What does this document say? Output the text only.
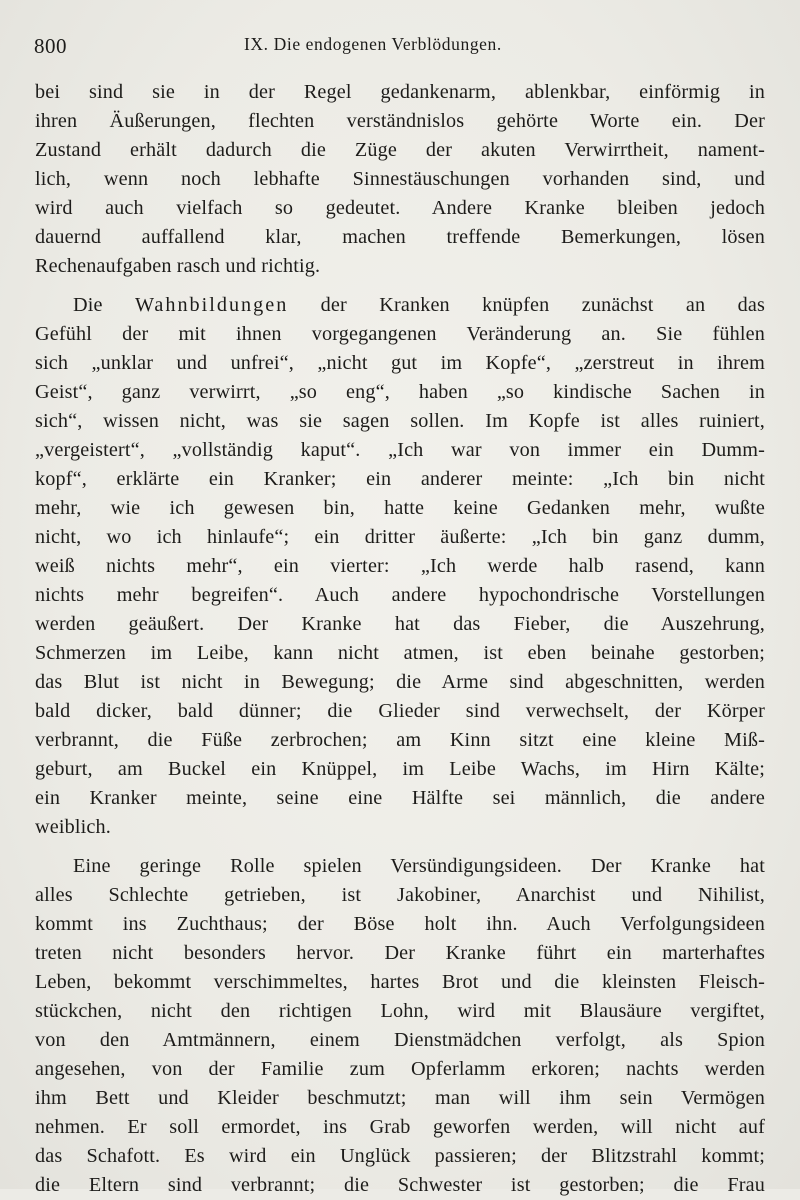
800	IX. Die endogenen Verblödungen.

bei sind sie in der Regel gedankenarm, ablenkbar, einförmig in
ihren Äußerungen, flechten verständnislos gehörte Worte ein. Der
Zustand erhält dadurch die Züge der akuten Verwirrtheit, nament-
lich, wenn noch lebhafte Sinnestäuschungen vorhanden sind, und
wird auch vielfach so gedeutet. Andere Kranke bleiben jedoch
dauernd auffallend klar, machen treffende Bemerkungen, lösen
Rechenaufgaben rasch und richtig.

Die Wahnbildungen der Kranken knüpfen zunächst an das
Gefühl der mit ihnen vorgegangenen Veränderung an. Sie fühlen
sich „unklar und unfrei“, „nicht gut im Kopfe“, „zerstreut in ihrem
Geist“, ganz verwirrt, „so eng“, haben „so kindische Sachen in
sich“, wissen nicht, was sie sagen sollen. Im Kopfe ist alles ruiniert,
„vergeistert“, „vollständig kaput“. „Ich war von immer ein Dumm-
kopf“, erklärte ein Kranker; ein anderer meinte: „Ich bin nicht
mehr, wie ich gewesen bin, hatte keine Gedanken mehr, wußte
nicht, wo ich hinlaufe“; ein dritter äußerte: „Ich bin ganz dumm,
weiß nichts mehr“, ein vierter: „Ich werde halb rasend, kann
nichts mehr begreifen“. Auch andere hypochondrische Vorstellungen
werden geäußert. Der Kranke hat das Fieber, die Auszehrung,
Schmerzen im Leibe, kann nicht atmen, ist eben beinahe gestorben;
das Blut ist nicht in Bewegung; die Arme sind abgeschnitten, werden
bald dicker, bald dünner; die Glieder sind verwechselt, der Körper
verbrannt, die Füße zerbrochen; am Kinn sitzt eine kleine Miß-
geburt, am Buckel ein Knüppel, im Leibe Wachs, im Hirn Kälte;
ein Kranker meinte, seine eine Hälfte sei männlich, die andere
weiblich.

Eine geringe Rolle spielen Versündigungsideen. Der Kranke hat
alles Schlechte getrieben, ist Jakobiner, Anarchist und Nihilist,
kommt ins Zuchthaus; der Böse holt ihn. Auch Verfolgungsideen
treten nicht besonders hervor. Der Kranke führt ein marterhaftes
Leben, bekommt verschimmeltes, hartes Brot und die kleinsten Fleisch-
stückchen, nicht den richtigen Lohn, wird mit Blausäure vergiftet,
von den Amtmännern, einem Dienstmädchen verfolgt, als Spion
angesehen, von der Familie zum Opferlamm erkoren; nachts werden
ihm Bett und Kleider beschmutzt; man will ihm sein Vermögen
nehmen. Er soll ermordet, ins Grab geworfen werden, will nicht auf
das Schafott. Es wird ein Unglück passieren; der Blitzstrahl kommt;
die Eltern sind verbrannt; die Schwester ist gestorben; die Frau
